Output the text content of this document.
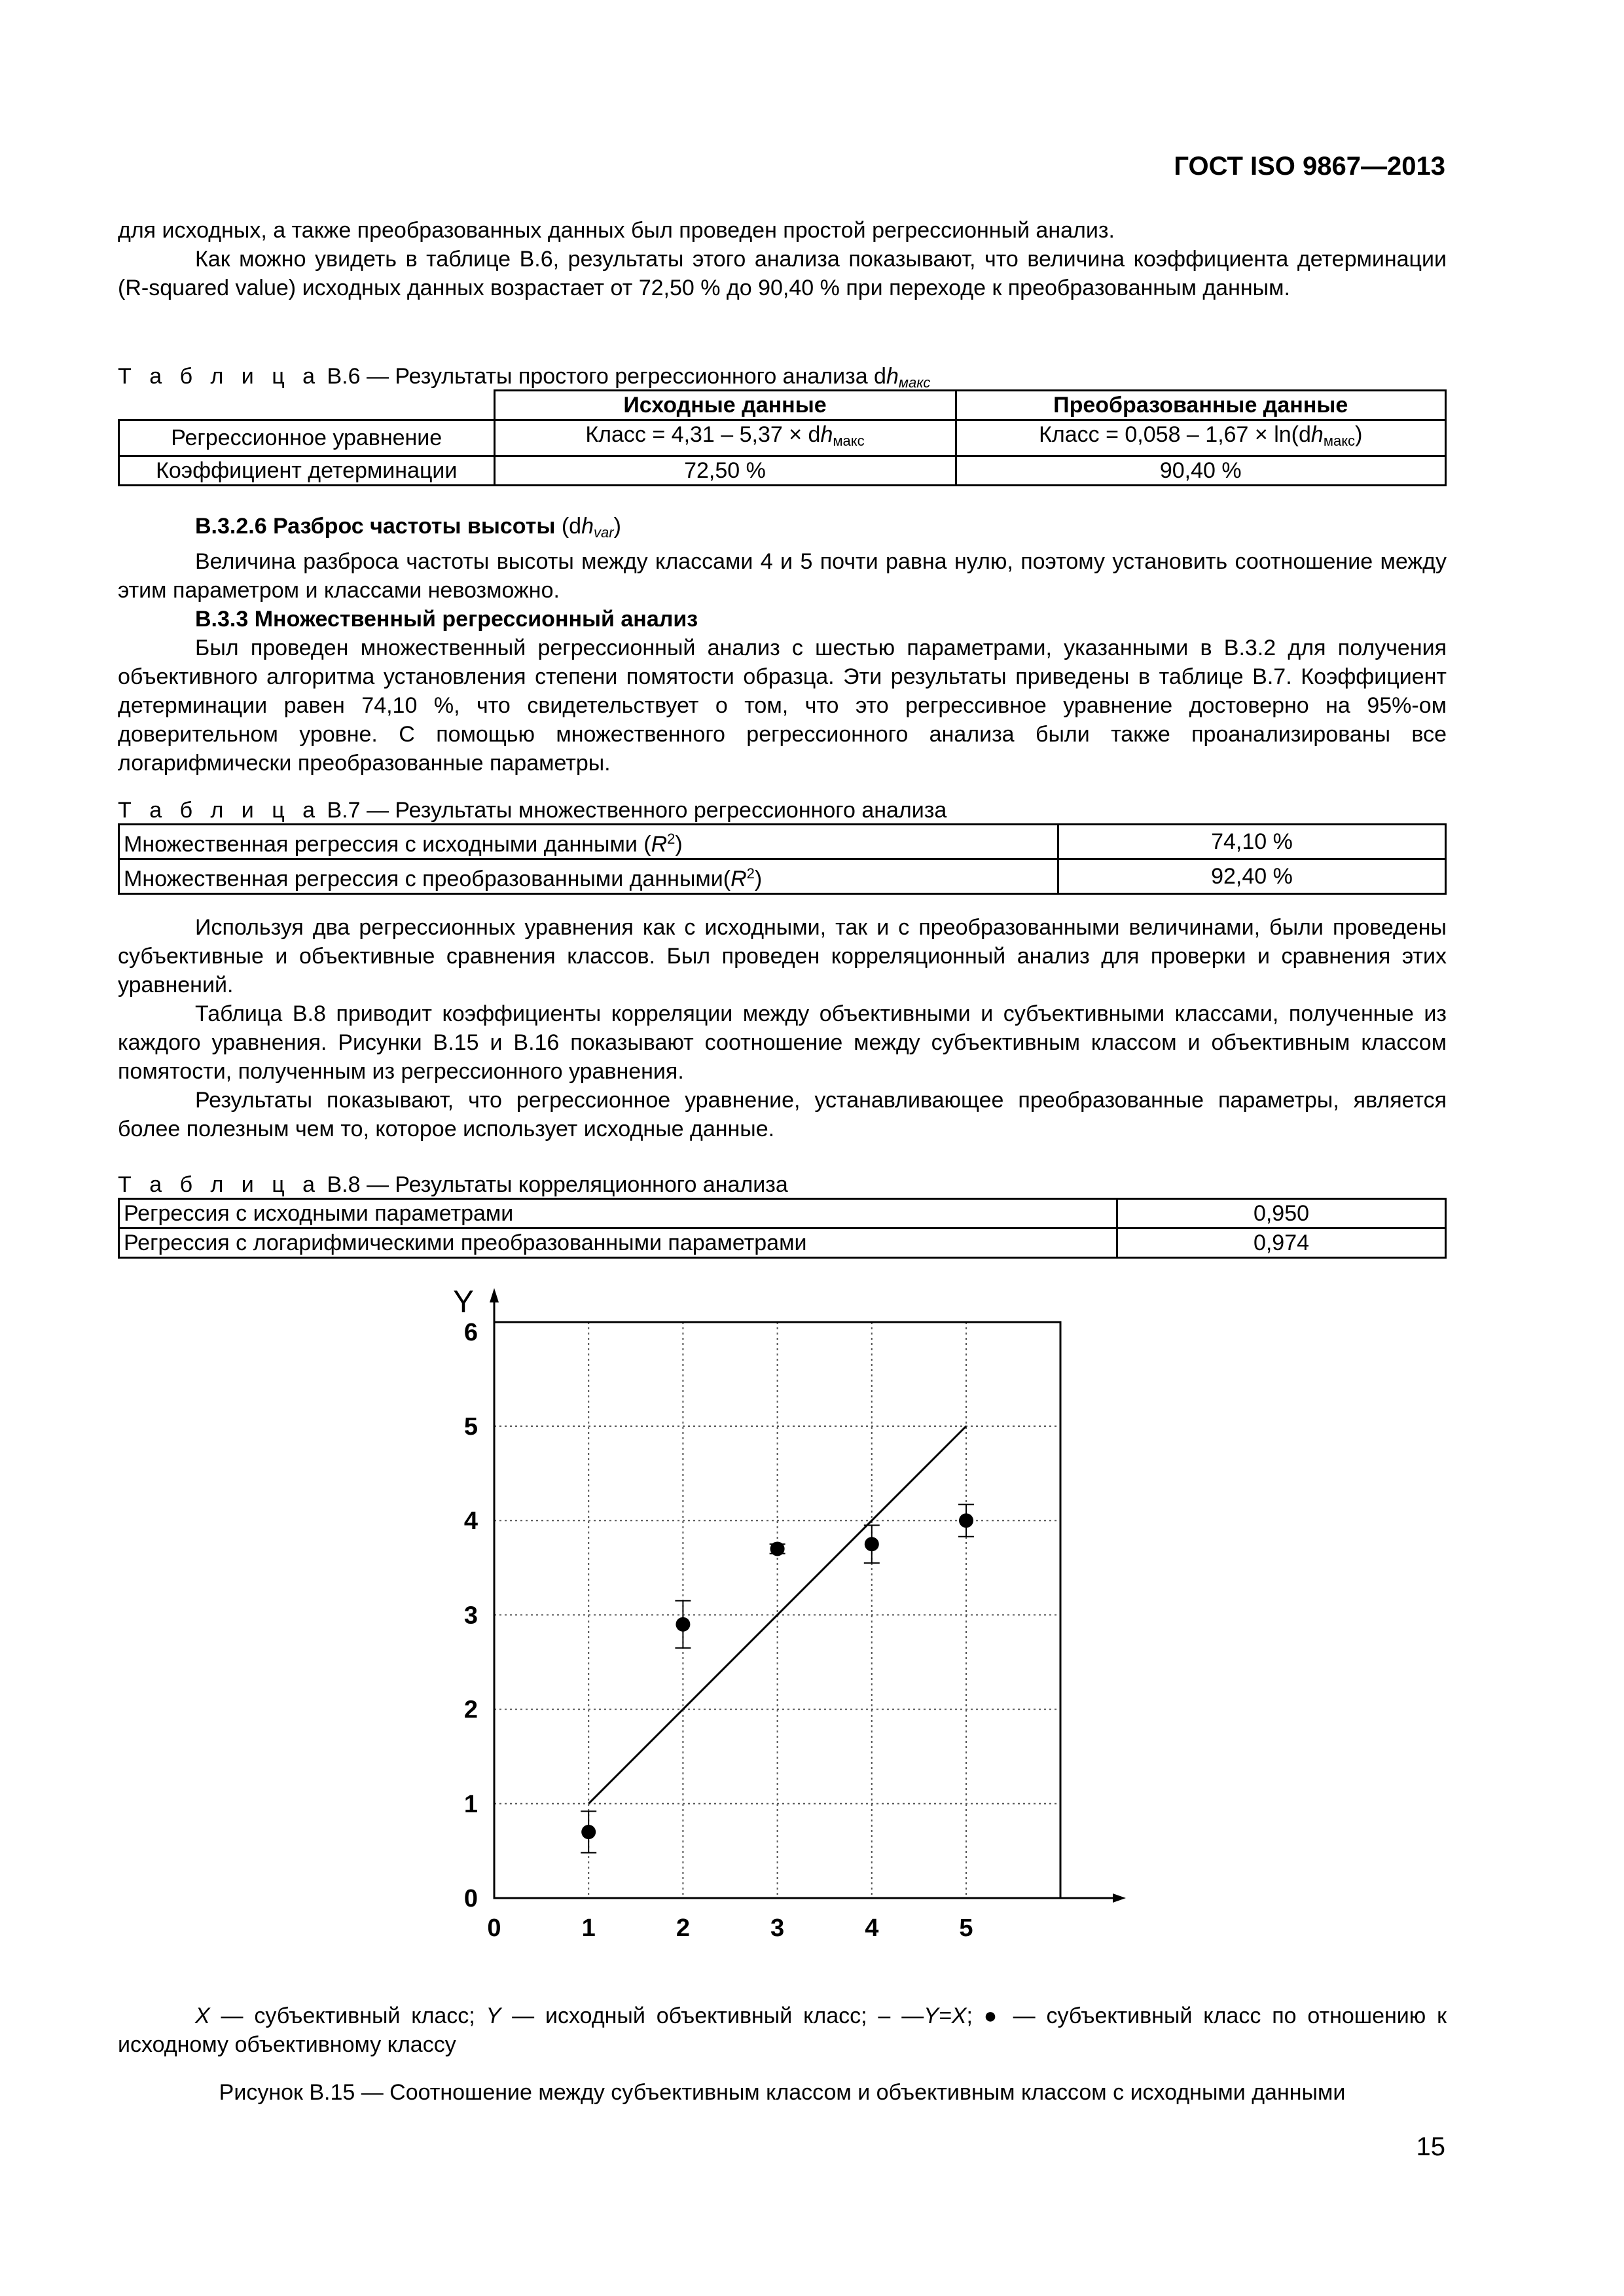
ГОСТ ISO 9867—2013

для исходных, а также преобразованных данных был проведен простой регрессионный анализ.

Как можно увидеть в таблице В.6, результаты этого анализа показывают, что величина коэффициента детерминации (R-squared value) исходных данных возрастает от 72,50 % до 90,40 % при переходе к преобразованным данным.

Т а б л и ц а В.6 — Результаты простого регрессионного анализа $dh_{макс}$
	Исходные данные	Преобразованные данные
Регрессионное уравнение	Класс = $4,31 - 5,37 \times dh_{макс}$	Класс = $0,058 - 1,67 \times \ln(dh_{макс})$
Коэффициент детерминации	72,50 %	90,40 %

В.3.2.6 Разброс частоты высоты $(dh_{var})$

Величина разброса частоты высоты между классами 4 и 5 почти равна нулю, поэтому установить соотношение между этим параметром и классами невозможно.

В.3.3 Множественный регрессионный анализ

Был проведен множественный регрессионный анализ с шестью параметрами, указанными в В.3.2 для получения объективного алгоритма установления степени помятости образца. Эти результаты приведены в таблице В.7. Коэффициент детерминации равен 74,10 %, что свидетельствует о том, что это регрессивное уравнение достоверно на 95%-ом доверительном уровне. С помощью множественного регрессионного анализа были также проанализированы все логарифмически преобразованные параметры.

Т а б л и ц а В.7 — Результаты множественного регрессионного анализа
Множественная регрессия с исходными данными $(R^2)$	74,10 %
Множественная регрессия с преобразованными $данными(R^2)$	92,40 %

Используя два регрессионных уравнения как с исходными, так и с преобразованными величинами, были проведены субъективные и объективные сравнения классов. Был проведен корреляционный анализ для проверки и сравнения этих уравнений.

Таблица В.8 приводит коэффициенты корреляции между объективными и субъективными классами, полученные из каждого уравнения. Рисунки В.15 и В.16 показывают соотношение между субъективным классом и объективным классом помятости, полученным из регрессионного уравнения.

Результаты показывают, что регрессионное уравнение, устанавливающее преобразованные параметры, является более полезным чем то, которое использует исходные данные.

Т а б л и ц а В.8 — Результаты корреляционного анализа
Регрессия с исходными параметрами	0,950
Регрессия с логарифмическими преобразованными параметрами	0,974
Y
0	1	2	3	4	5
0
1
2
3
4
5
6
X — субъективный класс; Y — исходный объективный класс; – —Y=X; ● — субъективный класс по отношению к исходному объективному классу
Рисунок В.15 — Соотношение между субъективным классом и объективным классом с исходными данными
15
